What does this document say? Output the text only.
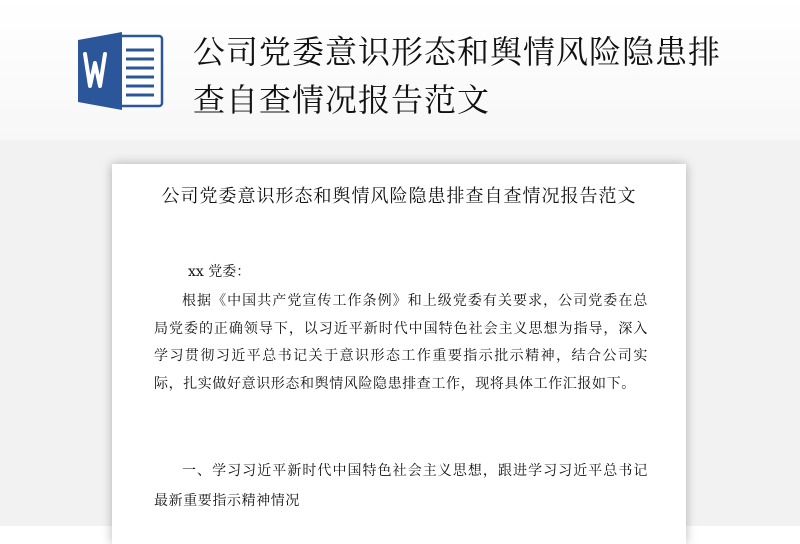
公司党委意识形态和舆情风险隐患排查自查情况报告范文
公司党委意识形态和舆情风险隐患排查自查情况报告范文
xx 党委：

根据《中国共产党宣传工作条例》和上级党委有关要求，公司党委在总局党委的正确领导下，以习近平新时代中国特色社会主义思想为指导，深入学习贯彻习近平总书记关于意识形态工作重要指示批示精神，结合公司实际，扎实做好意识形态和舆情风险隐患排查工作，现将具体工作汇报如下。

一、学习习近平新时代中国特色社会主义思想，跟进学习习近平总书记最新重要指示精神情况
